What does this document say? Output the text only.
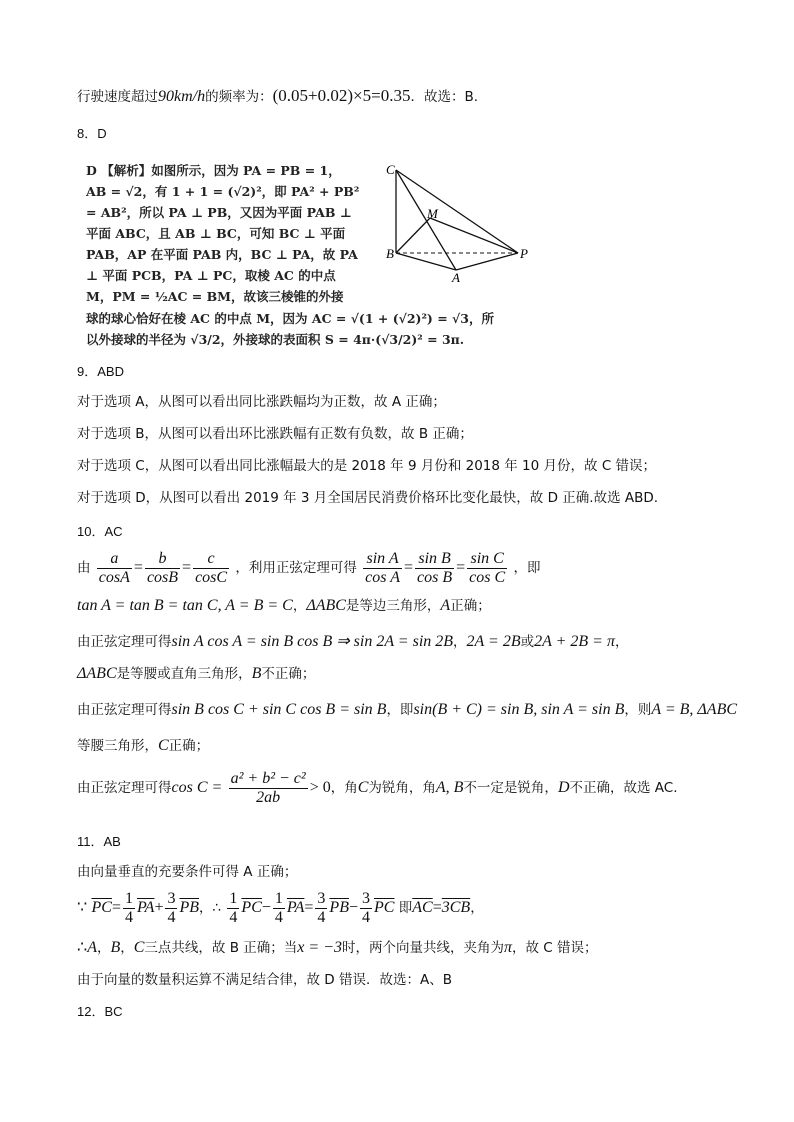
行驶速度超过90km/h的频率为：(0.05+0.02)×5=0.35．故选：B.
8．D
D 【解析】如图所示，因为 PA = PB = 1，
AB = √2，有 1 + 1 = (√2)²，即 PA² + PB²
= AB²，所以 PA ⊥ PB，又因为平面 PAB ⊥
平面 ABC，且 AB ⊥ BC，可知 BC ⊥ 平面
PAB，AP 在平面 PAB 内，BC ⊥ PA，故 PA
⊥ 平面 PCB，PA ⊥ PC，取棱 AC 的中点
M，PM = ½AC = BM，故该三棱锥的外接
球的球心恰好在棱 AC 的中点 M，因为 AC = √(1 + (√2)²) = √3，所
以外接球的半径为 √3/2，外接球的表面积 S = 4π·(√3/2)² = 3π.
C
M
B
A
P
9．ABD
对于选项 A，从图可以看出同比涨跌幅均为正数，故 A 正确；
对于选项 B，从图可以看出环比涨跌幅有正数有负数，故 B 正确；
对于选项 C，从图可以看出同比涨幅最大的是 2018 年 9 月份和 2018 年 10 月份，故 C 错误；
对于选项 D，从图可以看出 2019 年 3 月全国居民消费价格环比变化最快，故 D 正确.故选 ABD.
10．AC
由 $\frac{a}{\cos A} = \frac{b}{\cos B} = \frac{c}{\cos C}$ ，利用正弦定理可得 $\frac{\text{sin A}}{\text{cos A}} = \frac{\text{sin B}}{\text{cos B}} = \frac{\text{sin C}}{\text{cos C}}$ ，即
tan A = tan B = tan C, A = B = C，ΔABC是等边三角形，A正确；
由正弦定理可得sin A cos A = sin B cos B ⇒ sin 2A = sin 2B，2A = 2B或2A + 2B = π，
ΔABC是等腰或直角三角形，B不正确；
由正弦定理可得sin B cos C + sin C cos B = sin B，即sin(B + C) = sin B, sin A = sin B，则A = B, ΔABC
等腰三角形，C正确；
由正弦定理可得$\cos C = \frac{\text{a² + b² − c²}}{2ab} > 0$，角C为锐角，角A, B不一定是锐角，D不正确，故选 AC.
11．AB
由向量垂直的充要条件可得 A 正确；
∵ $\overline{PC}= \frac{1}{4} \overline{PA}+ \frac{3}{4} \overline{PB}$，∴ $\frac{1}{4} \overline{PC}- \frac{1}{4} \overline{PA}= \frac{3}{4} \overline{PB}- \frac{3}{4} \overline{PC}$ 即$\overline{AC}=3CB$，
∴A，B，C三点共线，故 B 正确；当x = −3时，两个向量共线，夹角为π，故 C 错误；
由于向量的数量积运算不满足结合律，故 D 错误．故选：A、B
12．BC
